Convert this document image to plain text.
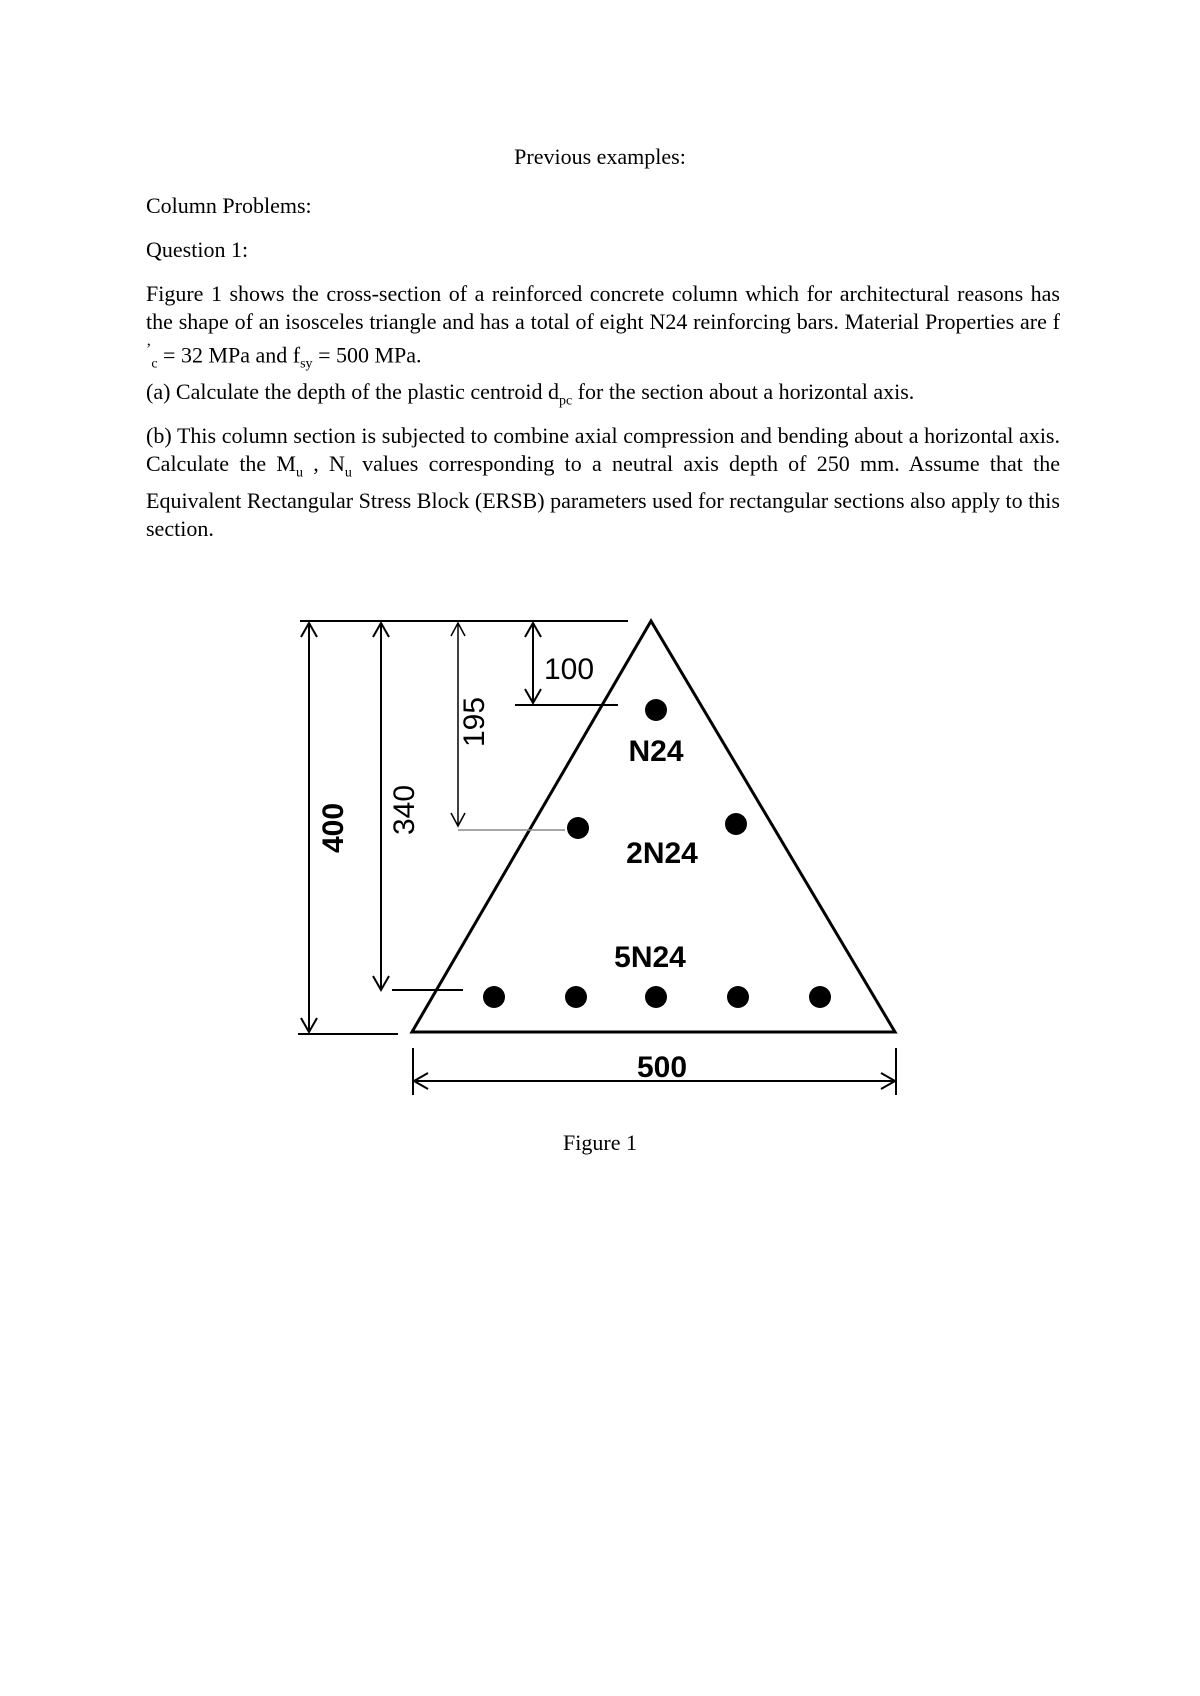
Previous examples:
Column Problems:
Question 1:
Figure 1 shows the cross-section of a reinforced concrete column which for architectural reasons has the shape of an isosceles triangle and has a total of eight N24 reinforcing bars. Material Properties are f ’$_c$ = 32 MPa and $f_{sy} = 500$ MPa.
(a) Calculate the depth of the plastic centroid $d_{pc}$ for the section about a horizontal axis.
(b) This column section is subjected to combine axial compression and bending about a horizontal axis. Calculate the $M_u$ , $N_u$ values corresponding to a neutral axis depth of 250 mm. Assume that the Equivalent Rectangular Stress Block (ERSB) parameters used for rectangular sections also apply to this section.
400 340
195
100
500
N24
2N24
5N24
Figure 1
